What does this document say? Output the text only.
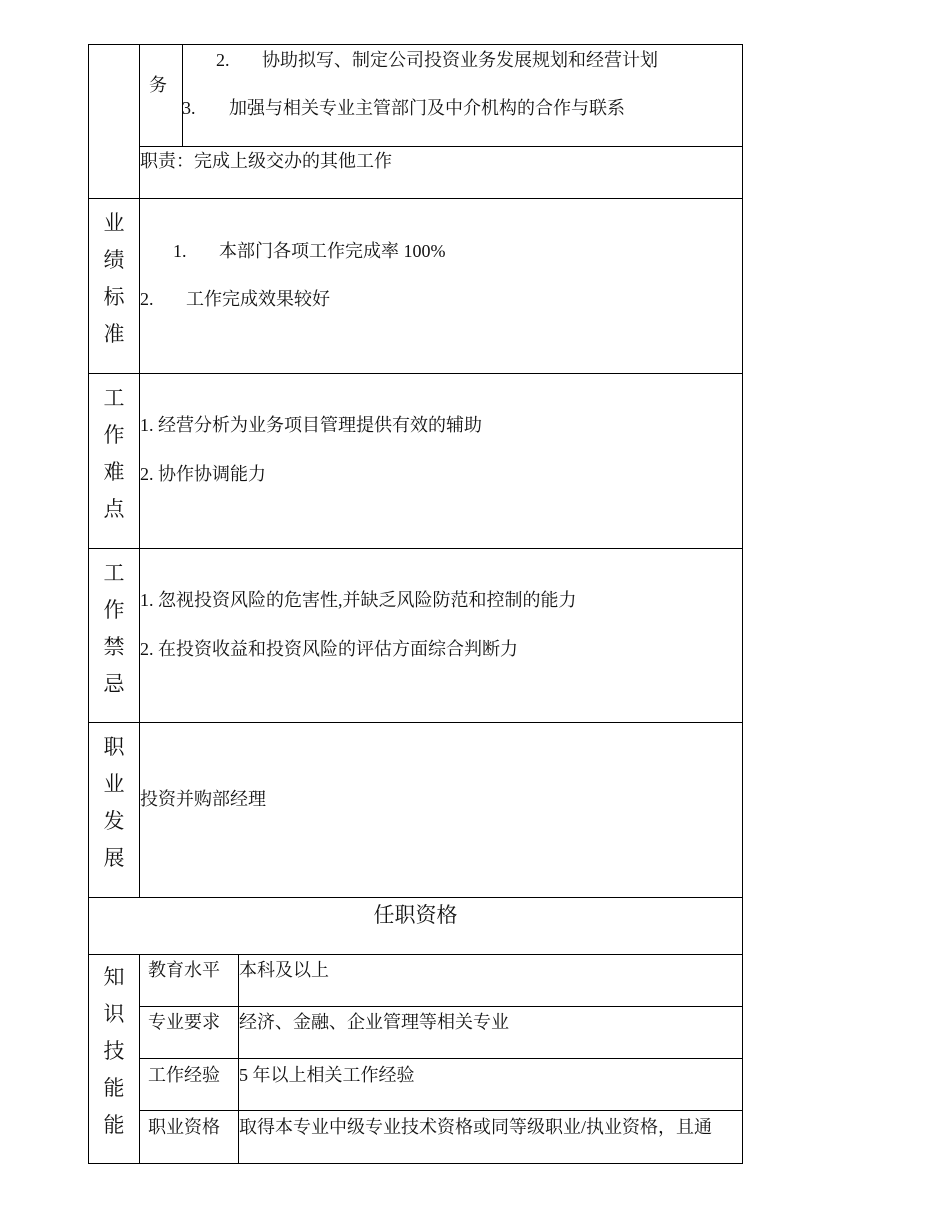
务
2. 协助拟写、制定公司投资业务发展规划和经营计划
3. 加强与相关专业主管部门及中介机构的合作与联系
职责：完成上级交办的其他工作
业
绩
标
准
1. 本部门各项工作完成率 100%
2. 工作完成效果较好
工
作
难
点
1. 经营分析为业务项目管理提供有效的辅助
2. 协作协调能力
工
作
禁
忌
1. 忽视投资风险的危害性,并缺乏风险防范和控制的能力
2. 在投资收益和投资风险的评估方面综合判断力
职
业
发
展
投资并购部经理
任职资格
知
识
技
能
能
教育水平 本科及以上
专业要求 经济、金融、企业管理等相关专业
工作经验 5 年以上相关工作经验
职业资格 取得本专业中级专业技术资格或同等级职业/执业资格，且通
